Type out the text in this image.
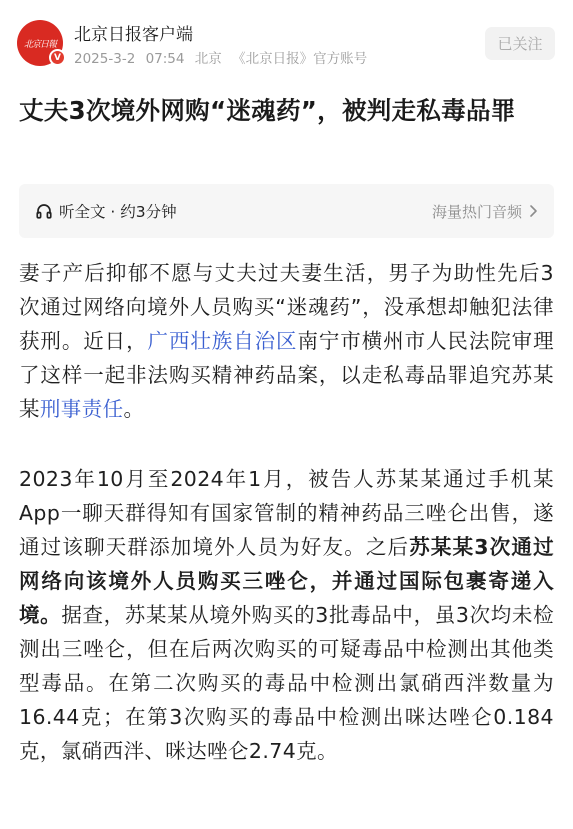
北京日報
V
北京日报客户端
2025-3-2 07:54 北京 《北京日报》官方账号
已关注
丈夫3次境外网购“迷魂药”，被判走私毒品罪
听全文 · 约3分钟	海量热门音频

妻子产后抑郁不愿与丈夫过夫妻生活，男子为助性先后3次通过网络向境外人员购买“迷魂药”，没承想却触犯法律获刑。近日，广西壮族自治区南宁市横州市人民法院审理了这样一起非法购买精神药品案，以走私毒品罪追究苏某某刑事责任。

2023年10月至2024年1月，被告人苏某某通过手机某App一聊天群得知有国家管制的精神药品三唑仑出售，遂通过该聊天群添加境外人员为好友。之后苏某某3次通过网络向该境外人员购买三唑仑，并通过国际包裹寄递入境。据查，苏某某从境外购买的3批毒品中，虽3次均未检测出三唑仑，但在后两次购买的可疑毒品中检测出其他类型毒品。在第二次购买的毒品中检测出氯硝西泮数量为16.44克；在第3次购买的毒品中检测出咪达唑仑0.184克，氯硝西泮、咪达唑仑2.74克。
